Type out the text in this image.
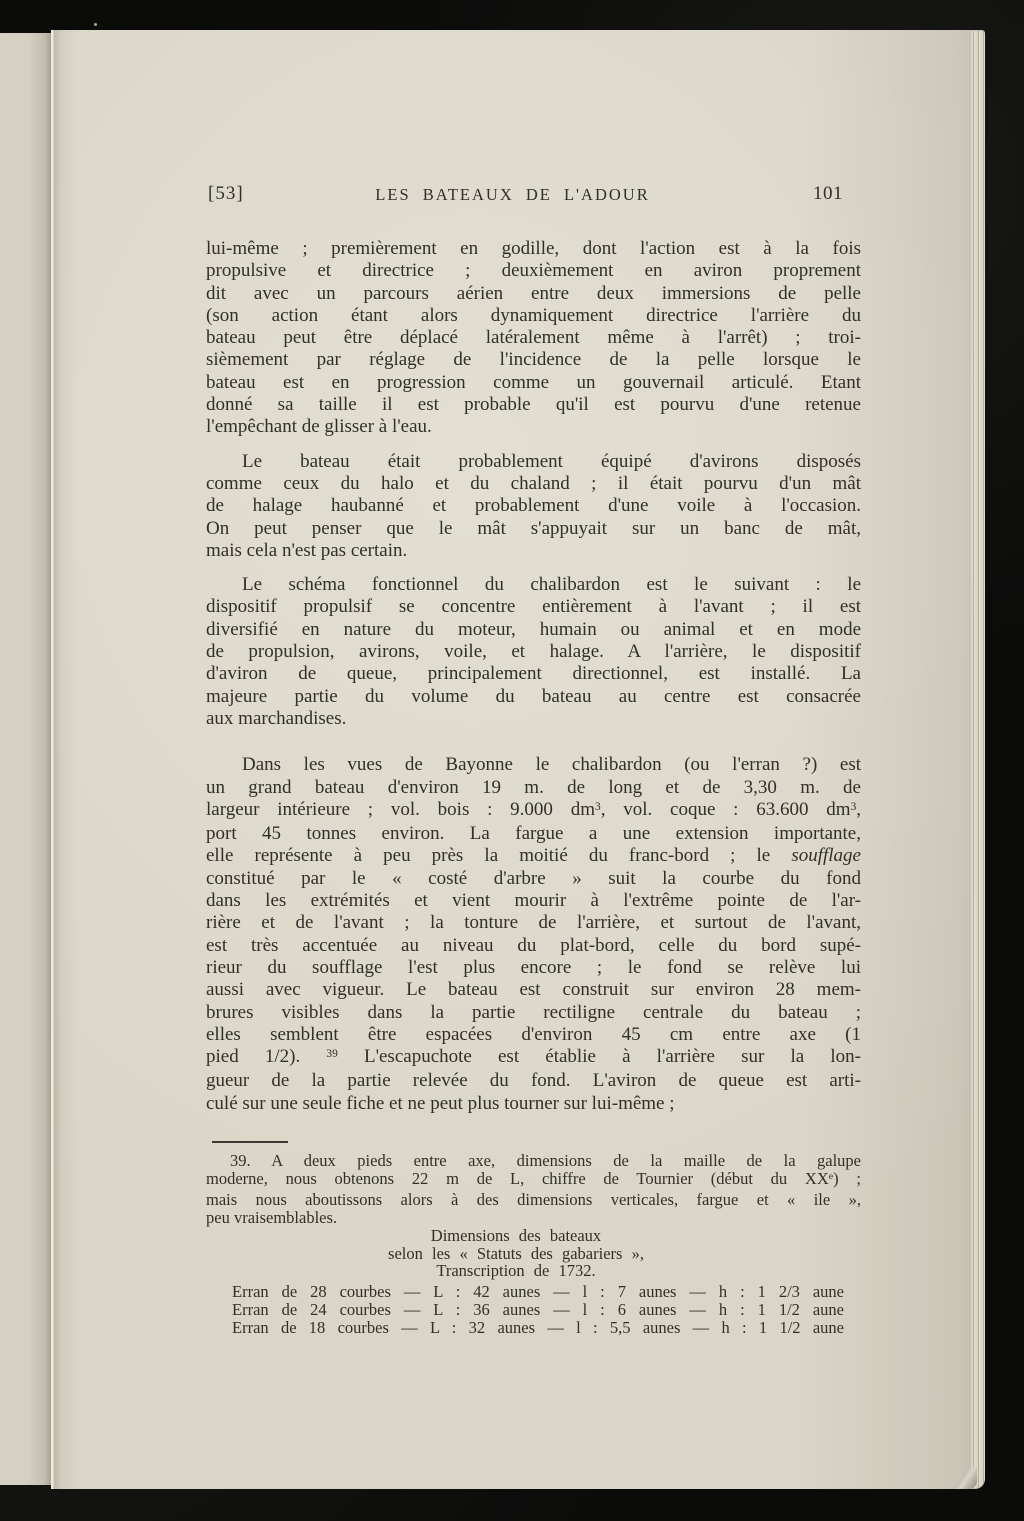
[53]	LES BATEAUX DE L'ADOUR	101
lui-même ; premièrement en godille, dont l'action est à la fois
propulsive et directrice ; deuxièmement en aviron proprement
dit avec un parcours aérien entre deux immersions de pelle
(son action étant alors dynamiquement directrice l'arrière du
bateau peut être déplacé latéralement même à l'arrêt) ; troi-
sièmement par réglage de l'incidence de la pelle lorsque le
bateau est en progression comme un gouvernail articulé. Etant
donné sa taille il est probable qu'il est pourvu d'une retenue
l'empêchant de glisser à l'eau.
Le bateau était probablement équipé d'avirons disposés
comme ceux du halo et du chaland ; il était pourvu d'un mât
de halage haubanné et probablement d'une voile à l'occasion.
On peut penser que le mât s'appuyait sur un banc de mât,
mais cela n'est pas certain.
Le schéma fonctionnel du chalibardon est le suivant : le
dispositif propulsif se concentre entièrement à l'avant ; il est
diversifié en nature du moteur, humain ou animal et en mode
de propulsion, avirons, voile, et halage. A l'arrière, le dispositif
d'aviron de queue, principalement directionnel, est installé. La
majeure partie du volume du bateau au centre est consacrée
aux marchandises.
Dans les vues de Bayonne le chalibardon (ou l'erran ?) est
un grand bateau d'environ 19 m. de long et de 3,30 m. de
largeur intérieure ; vol. bois : 9.000 $dm^3$, vol. coque : 63.600 $dm^3$,
port 45 tonnes environ. La fargue a une extension importante,
elle représente à peu près la moitié du franc-bord ; le soufflage
constitué par le « costé d'arbre » suit la courbe du fond
dans les extrémités et vient mourir à l'extrême pointe de l'ar-
rière et de l'avant ; la tonture de l'arrière, et surtout de l'avant,
est très accentuée au niveau du plat-bord, celle du bord supé-
rieur du soufflage l'est plus encore ; le fond se relève lui
aussi avec vigueur. Le bateau est construit sur environ 28 mem-
brures visibles dans la partie rectiligne centrale du bateau ;
elles semblent être espacées d'environ 45 cm entre axe (1
pied 1/2). $^{39}$ L'escapuchote est établie à l'arrière sur la lon-
gueur de la partie relevée du fond. L'aviron de queue est arti-
culé sur une seule fiche et ne peut plus tourner sur lui-même ;
39. A deux pieds entre axe, dimensions de la maille de la galupe
moderne, nous obtenons 22 m de L, chiffre de Tournier (début du XXe) ;
mais nous aboutissons alors à des dimensions verticales, fargue et « ile »,
peu vraisemblables.
Dimensions des bateaux
selon les « Statuts des gabariers »,
Transcription de 1732.
Erran de 28 courbes — L : 42 aunes — l : 7 aunes — h : 1 2/3 aune
Erran de 24 courbes — L : 36 aunes — l : 6 aunes — h : 1 1/2 aune
Erran de 18 courbes — L : 32 aunes — l : 5,5 aunes — h : 1 1/2 aune
